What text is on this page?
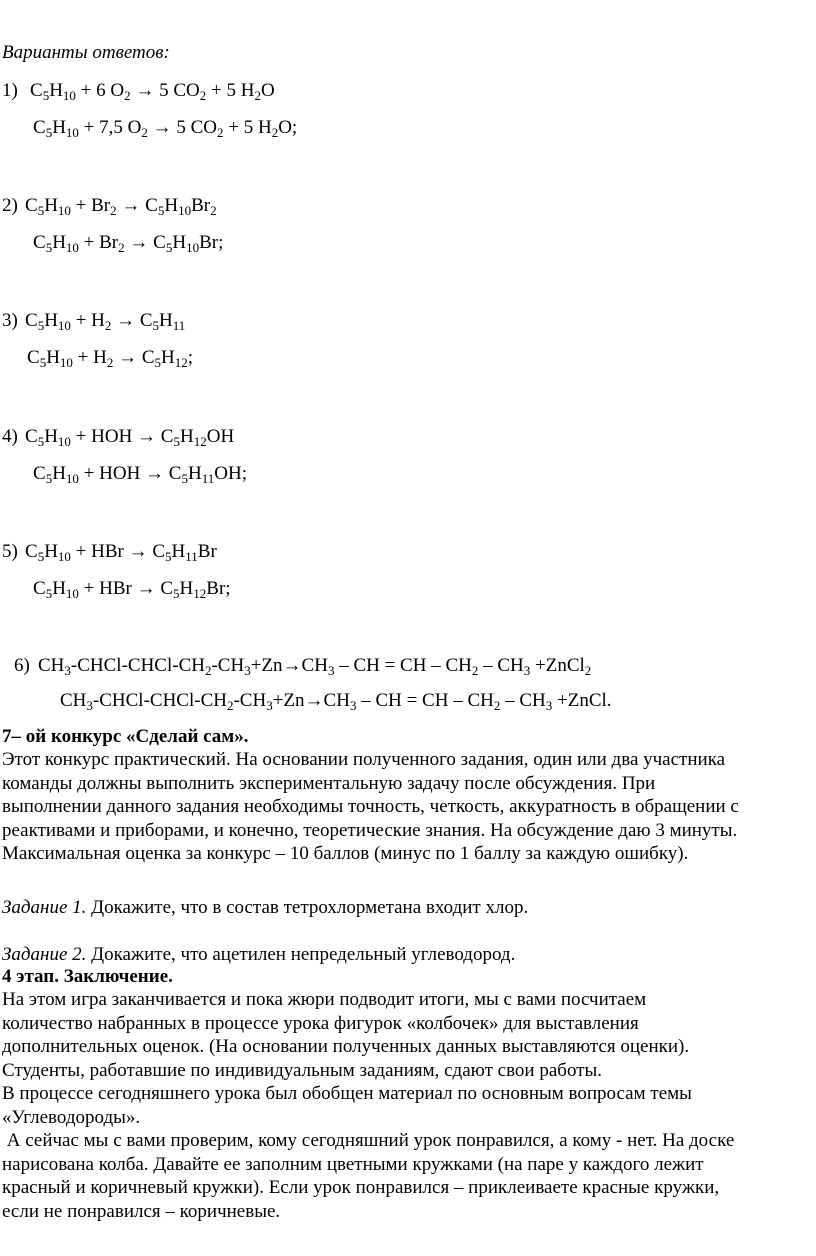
Варианты ответов:
1) $C_5H_{10} + 6$ $O_2 \to 5$ $CO_2 + 5$ $H_2O$
$C_5H_{10} + 7,5$ $O_2 \to 5$ $CO_2 + 5$ $H_2O$;
2) $C_5H_{10} + Br_2 \to C_5H_{10}Br_2$
$C_5H_{10} + Br_2 \to C_5H_{10}Br$;
3) $C_5H_{10} + H_2 \to C_5H_{11}$
$C_5H_{10} + H_2 \to C_5H_{12}$;
4) $C_5H_{10}$ + HOH → $C_5H_{12}OH$
$C_5H_{10}$ + HOH → $C_5H_{11}OH$;
5) $C_5H_{10}$ + HBr → $C_5H_{11}Br$
$C_5H_{10}$ + HBr → $C_5H_{12}Br$;
6) $CH_3-CHCl-CHCl-CH_2-CH_3+Zn\to CH_3$ – CH = CH – $CH_2 - CH_3$ +ZnCl$_2$
$CH_3-CHCl-CHCl-CH_2-CH_3+Zn\to CH_3$ – CH = CH – $CH_2 - CH_3$ +ZnCl.
7– ой конкурс «Сделай сам».
Этот конкурс практический. На основании полученного задания, один или два участника
команды должны выполнить экспериментальную задачу после обсуждения. При
выполнении данного задания необходимы точность, четкость, аккуратность в обращении с
реактивами и приборами, и конечно, теоретические знания. На обсуждение даю 3 минуты.
Максимальная оценка за конкурс – 10 баллов (минус по 1 баллу за каждую ошибку).
Задание 1. Докажите, что в состав тетрохлорметана входит хлор.
Задание 2. Докажите, что ацетилен непредельный углеводород.
4 этап. Заключение.
На этом игра заканчивается и пока жюри подводит итоги, мы с вами посчитаем
количество набранных в процессе урока фигурок «колбочек» для выставления
дополнительных оценок. (На основании полученных данных выставляются оценки).
Студенты, работавшие по индивидуальным заданиям, сдают свои работы.
В процессе сегодняшнего урока был обобщен материал по основным вопросам темы
«Углеводороды».
А сейчас мы с вами проверим, кому сегодняшний урок понравился, а кому - нет. На доске
нарисована колба. Давайте ее заполним цветными кружками (на паре у каждого лежит
красный и коричневый кружки). Если урок понравился – приклеиваете красные кружки,
если не понравился – коричневые.
